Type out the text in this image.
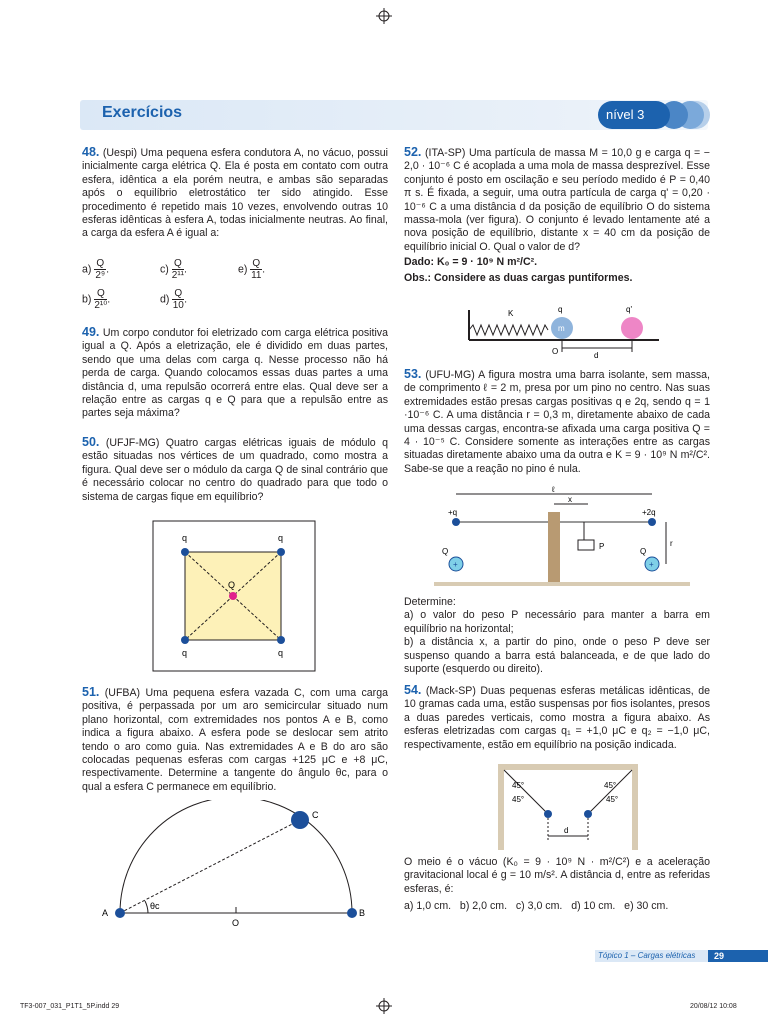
Exercícios	nível 3

48. (Uespi) Uma pequena esfera condutora A, no vácuo, possui inicialmente carga elétrica Q. Ela é posta em contato com outra esfera, idêntica a ela porém neutra, e ambas são separadas após o equilíbrio eletrostático ter sido atingido. Esse procedimento é repetido mais 10 vezes, envolvendo outras 10 esferas idênticas à esfera A, todas inicialmente neutras. Ao final, a carga da esfera A é igual a:

$a) \frac{Q}{\text{2⁹}}$ .	$c) \frac{Q}{\text{2¹¹}}$ .	$e) \frac{Q}{11}$ .
$b) \frac{Q}{\text{2¹⁰}}$ .	$d) \frac{Q}{10}$ .

49. Um corpo condutor foi eletrizado com carga elétrica positiva igual a Q. Após a eletrização, ele é dividido em duas partes, sendo que uma delas com carga q. Nesse processo não há perda de carga. Quando colocamos essas duas partes a uma distância d, uma repulsão ocorrerá entre elas. Qual deve ser a relação entre as cargas q e Q para que a repulsão entre as partes seja máxima?

50. (UFJF-MG) Quatro cargas elétricas iguais de módulo q estão situadas nos vértices de um quadrado, como mostra a figura. Qual deve ser o módulo da carga Q de sinal contrário que é necessário colocar no centro do quadrado para que todo o sistema de cargas fique em equilíbrio?

q	q
q	q
Q

51. (UFBA) Uma pequena esfera vazada C, com uma carga positiva, é perpassada por um aro semicircular situado num plano horizontal, com extremidades nos pontos A e B, como indica a figura abaixo. A esfera pode se deslocar sem atrito tendo o aro como guia. Nas extremidades A e B do aro são colocadas pequenas esferas com cargas +125 μC e +8 μC, respectivamente. Determine a tangente do ângulo θc, para o qual a esfera C permanece em equilíbrio.

A	B
C
O
θc

52. (ITA-SP) Uma partícula de massa M = 10,0 g e carga q = − 2,0 · 10⁻⁶ C é acoplada a uma mola de massa desprezível. Esse conjunto é posto em oscilação e seu período medido é P = 0,40 π s. É fixada, a seguir, uma outra partícula de carga q' = 0,20 · 10⁻⁶ C a uma distância d da posição de equilíbrio O do sistema massa-mola (ver figura). O conjunto é levado lentamente até a nova posição de equilíbrio, distante x = 40 cm da posição de equilíbrio inicial O. Qual o valor de d?

Dado: K₀ = 9 · 10⁹ N m²/C².

Obs.: Considere as duas cargas puntiformes.

K	q	q'
m
O	d

53. (UFU-MG) A figura mostra uma barra isolante, sem massa, de comprimento ℓ = 2 m, presa por um pino no centro. Nas suas extremidades estão presas cargas positivas q e 2q, sendo q = 1 ·10⁻⁶ C. A uma distância r = 0,3 m, diretamente abaixo de cada uma dessas cargas, encontra-se afixada uma carga positiva Q = 4 · 10⁻⁵ C. Considere somente as interações entre as cargas situadas diretamente abaixo uma da outra e K = 9 · 10⁹ N m²/C². Sabe-se que a reação no pino é nula.

ℓ
x
+q	+2q
P
Q	Q
r
+	+

Determine:

a) o valor do peso P necessário para manter a barra em equilíbrio na horizontal;

b) a distância x, a partir do pino, onde o peso P deve ser suspenso quando a barra está balanceada, e de que lado do suporte (esquerdo ou direito).

54. (Mack-SP) Duas pequenas esferas metálicas idênticas, de 10 gramas cada uma, estão suspensas por fios isolantes, presos a duas paredes verticais, como mostra a figura abaixo. As esferas eletrizadas com cargas q₁ = +1,0 μC e q₂ = −1,0 μC, respectivamente, estão em equilíbrio na posição indicada.

45°	45°
45°	45°
d

O meio é o vácuo (K₀ = 9 · 10⁹ N · m²/C²) e a aceleração gravitacional local é g = 10 m/s². A distância d, entre as referidas esferas, é:

a) 1,0 cm.   b) 2,0 cm.   c) 3,0 cm.   d) 10 cm.   e) 30 cm.

Tópico 1 – Cargas elétricas	29
TF3-007_031_P1T1_5P.indd 29	20/08/12 10:08
